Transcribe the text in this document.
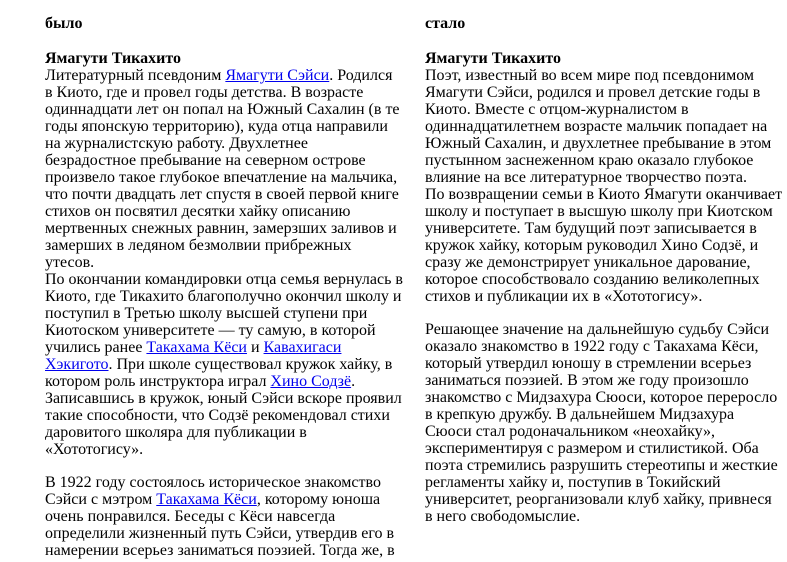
было
Ямагути Тикахито
Литературный псевдоним Ямагути Сэйси. Родился в Киото, где и провел годы детства. В возрасте одиннадцати лет он попал на Южный Сахалин (в те годы японскую территорию), куда отца направили на журналистскую работу. Двухлетнее безрадостное пребывание на северном острове произвело такое глубокое впечатление на мальчика, что почти двадцать лет спустя в своей первой книге стихов он посвятил десятки хайку описанию мертвенных снежных равнин, замерзших заливов и замерших в ледяном безмолвии прибрежных утесов.
По окончании командировки отца семья вернулась в Киото, где Тикахито благополучно окончил школу и поступил в Третью школу высшей ступени при Киотоском университете — ту самую, в которой учились ранее Такахама Кёси и Кавахигаси Хэкигото. При школе существовал кружок хайку, в котором роль инструктора играл Хино Содзё. Записавшись в кружок, юный Сэйси вскоре проявил такие способности, что Содзё рекомендовал стихи даровитого школяра для публикации в «Хототогису».
В 1922 году состоялось историческое знакомство Сэйси с мэтром Такахама Кёси, которому юноша очень понравился. Беседы с Кёси навсегда определили жизненный путь Сэйси, утвердив его в намерении всерьез заниматься поэзией. Тогда же, в
стало
Ямагути Тикахито
Поэт, известный во всем мире под псевдонимом Ямагути Сэйси, родился и провел детские годы в Киото. Вместе с отцом-журналистом в одиннадцатилетнем возрасте мальчик попадает на Южный Сахалин, и двухлетнее пребывание в этом пустынном заснеженном краю оказало глубокое влияние на все литературное творчество поэта.
По возвращении семьи в Киото Ямагути оканчивает школу и поступает в высшую школу при Киотском университете. Там будущий поэт записывается в кружок хайку, которым руководил Хино Содзё, и сразу же демонстрирует уникальное дарование, которое способствовало созданию великолепных стихов и публикации их в «Хототогису».
Решающее значение на дальнейшую судьбу Сэйси оказало знакомство в 1922 году с Такахама Кёси, который утвердил юношу в стремлении всерьез заниматься поэзией. В этом же году произошло знакомство с Мидзахура Сюоси, которое переросло в крепкую дружбу. В дальнейшем Мидзахура Сюоси стал родоначальником «неохайку», экспериментируя с размером и стилистикой. Оба поэта стремились разрушить стереотипы и жесткие регламенты хайку и, поступив в Токийский университет, реорганизовали клуб хайку, привнеся в него свободомыслие.
